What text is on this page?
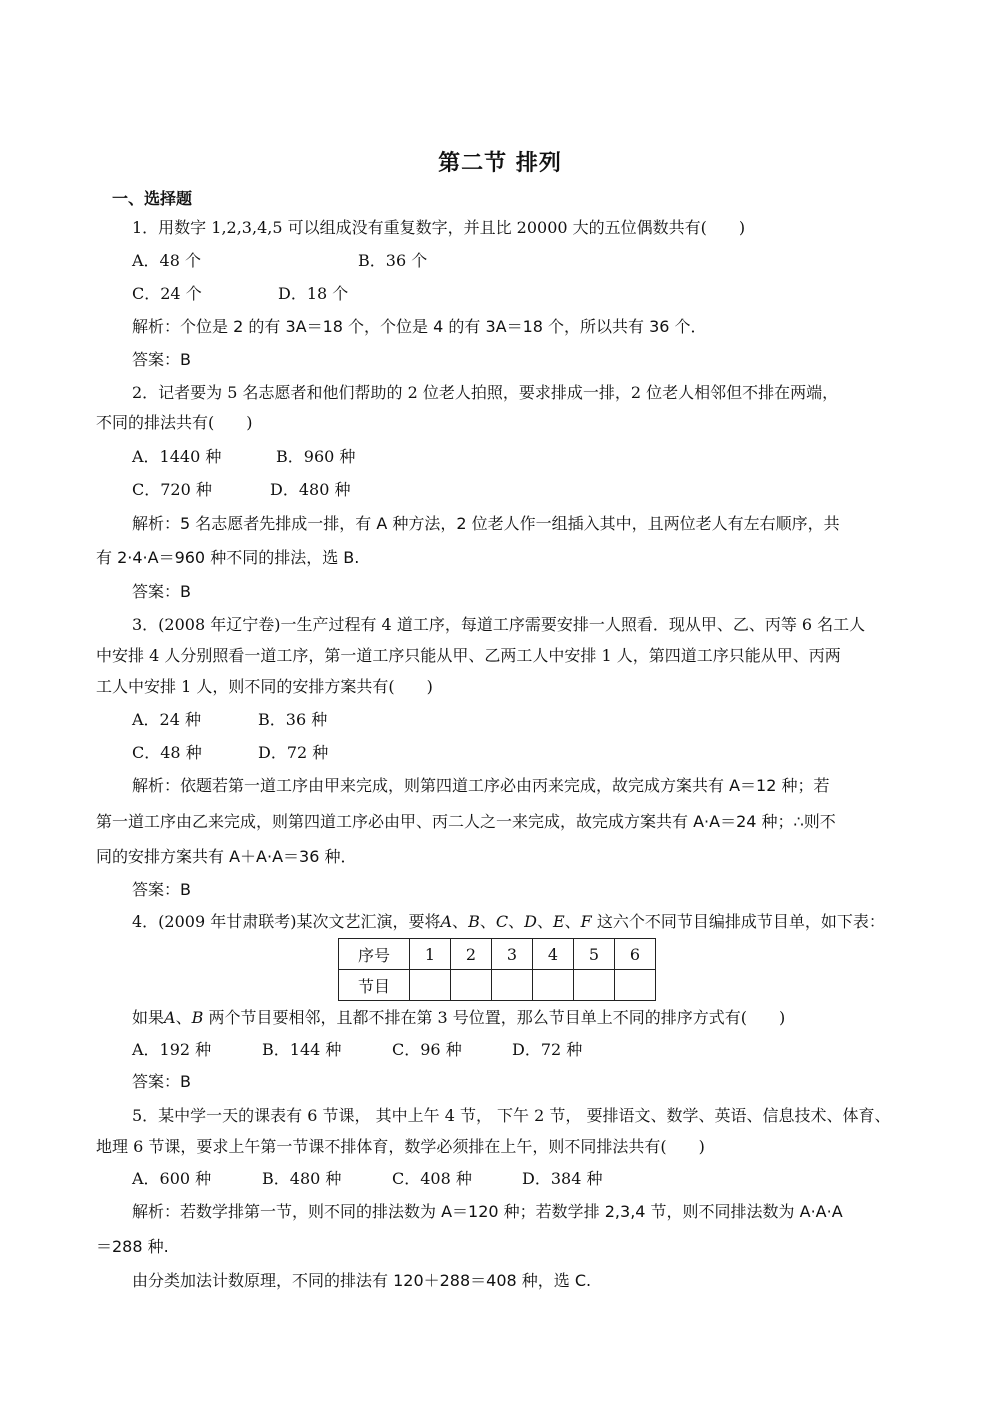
第二节 排列
一、选择题
1．用数字 1,2,3,4,5 可以组成没有重复数字，并且比 20000 大的五位偶数共有(　　)
A．48 个	B．36 个
C．24 个	D．18 个
解析：个位是 2 的有 3A＝18 个，个位是 4 的有 3A＝18 个，所以共有 36 个．
答案：B
2．记者要为 5 名志愿者和他们帮助的 2 位老人拍照，要求排成一排，2 位老人相邻但不排在两端，
不同的排法共有(　　)
A．1440 种	B．960 种
C．720 种	D．480 种
解析：5 名志愿者先排成一排，有 A 种方法，2 位老人作一组插入其中，且两位老人有左右顺序，共
有 2·4·A＝960 种不同的排法，选 B.
答案：B
3．(2008 年辽宁卷)一生产过程有 4 道工序，每道工序需要安排一人照看．现从甲、乙、丙等 6 名工人
中安排 4 人分别照看一道工序，第一道工序只能从甲、乙两工人中安排 1 人，第四道工序只能从甲、丙两
工人中安排 1 人，则不同的安排方案共有(　　)
A．24 种	B．36 种
C．48 种	D．72 种
解析：依题若第一道工序由甲来完成，则第四道工序必由丙来完成，故完成方案共有 A＝12 种；若
第一道工序由乙来完成，则第四道工序必由甲、丙二人之一来完成，故完成方案共有 A·A＝24 种；∴则不
同的安排方案共有 A＋A·A＝36 种．
答案：B
4．(2009 年甘肃联考)某次文艺汇演，要将A、B、C、D、E、F 这六个不同节目编排成节目单，如下表：
序号	1	2	3	4	5	6
节目						
如果A、B 两个节目要相邻，且都不排在第 3 号位置，那么节目单上不同的排序方式有(　　)
A．192 种	B．144 种	C．96 种	D．72 种
答案：B
5．某中学一天的课表有 6 节课， 其中上午 4 节， 下午 2 节， 要排语文、数学、英语、信息技术、体育、
地理 6 节课，要求上午第一节课不排体育，数学必须排在上午，则不同排法共有(　　)
A．600 种	B．480 种	C．408 种	D．384 种
解析：若数学排第一节，则不同的排法数为 A＝120 种；若数学排 2,3,4 节，则不同排法数为 A·A·A
＝288 种.
由分类加法计数原理，不同的排法有 120＋288＝408 种，选 C.
